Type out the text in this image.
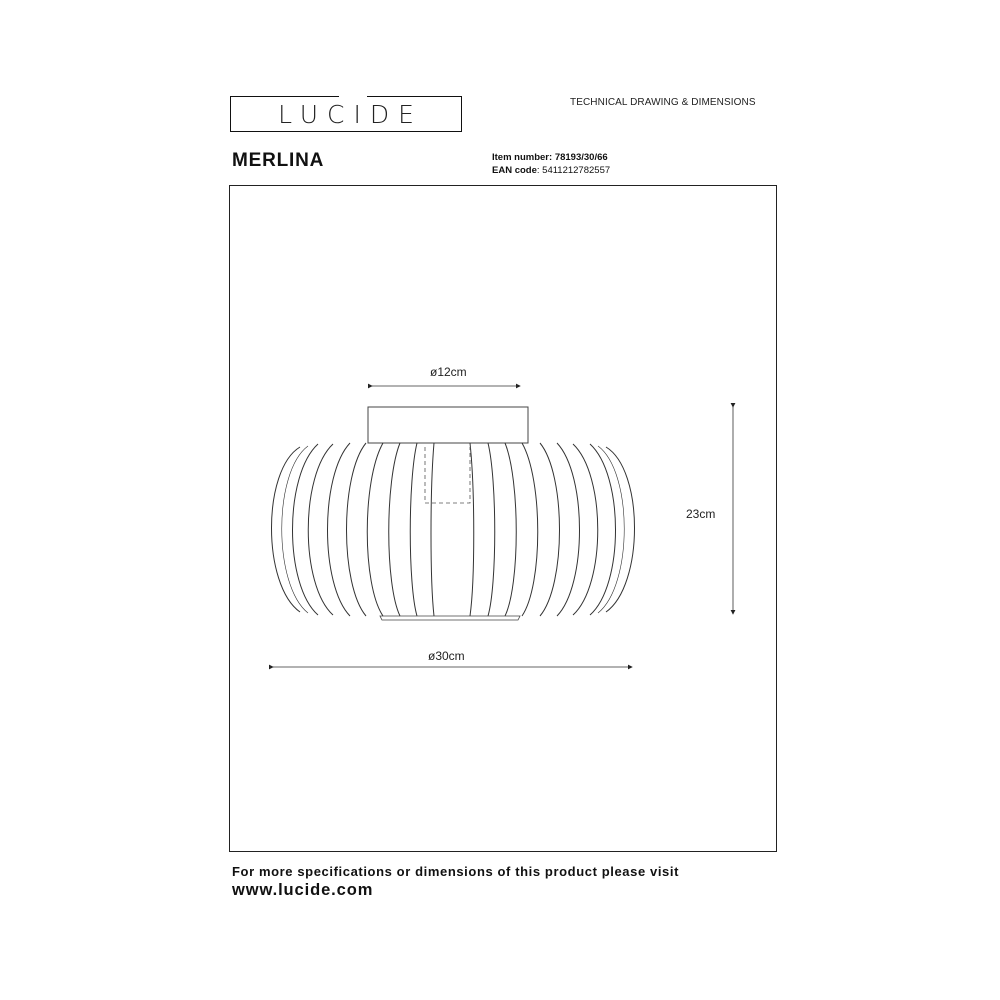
LUCIDE	TECHNICAL DRAWING & DIMENSIONS
MERLINA	Item number: 78193/30/66
EAN code: 5411212782557
ø12cm
23cm
ø30cm
For more specifications or dimensions of this product please visit
www.lucide.com
